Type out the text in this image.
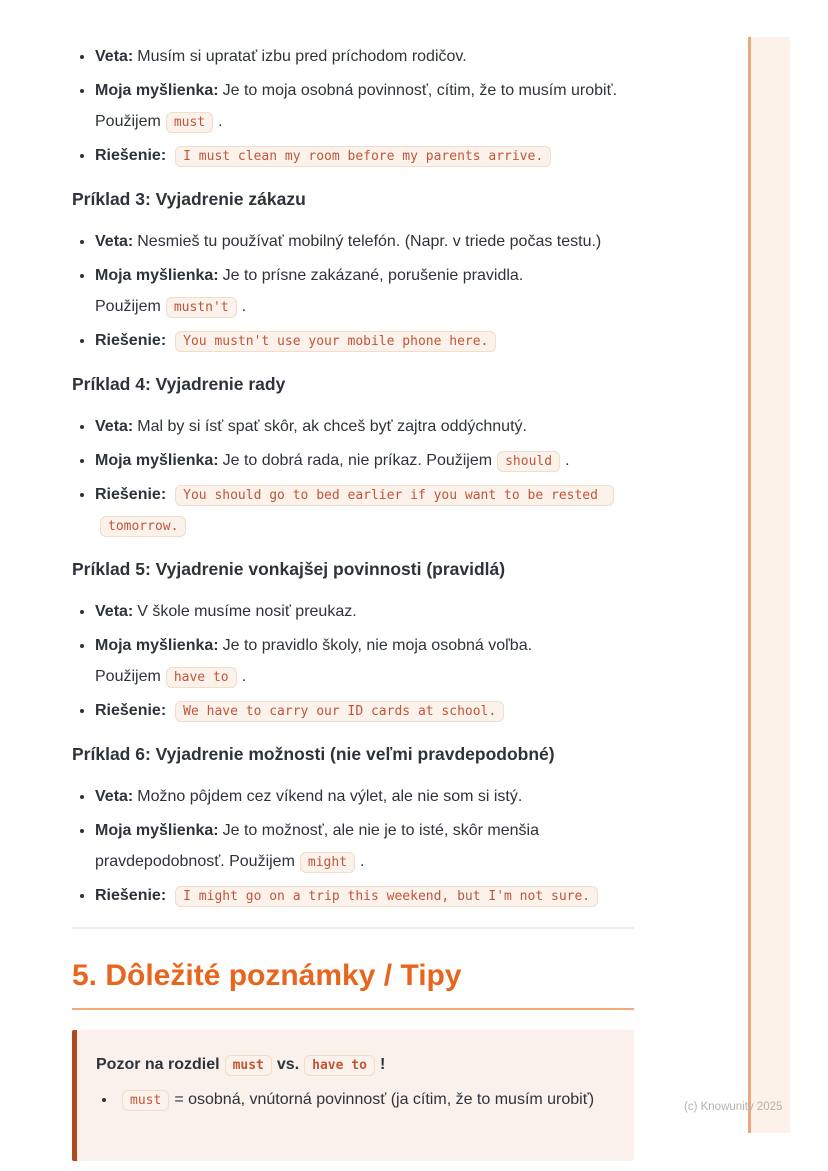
• Veta: Musím si upratať izbu pred príchodom rodičov.
• Moja myšlienka: Je to moja osobná povinnosť, cítim, že to musím urobiť. Použijem must .
• Riešenie: I must clean my room before my parents arrive.
Príklad 3: Vyjadrenie zákazu
• Veta: Nesmieš tu používať mobilný telefón. (Napr. v triede počas testu.)
• Moja myšlienka: Je to prísne zakázané, porušenie pravidla. Použijem mustn't .
• Riešenie: You mustn't use your mobile phone here.
Príklad 4: Vyjadrenie rady
• Veta: Mal by si ísť spať skôr, ak chceš byť zajtra oddýchnutý.
• Moja myšlienka: Je to dobrá rada, nie príkaz. Použijem should .
• Riešenie: You should go to bed earlier if you want to be rested tomorrow.
Príklad 5: Vyjadrenie vonkajšej povinnosti (pravidlá)
• Veta: V škole musíme nosiť preukaz.
• Moja myšlienka: Je to pravidlo školy, nie moja osobná voľba. Použijem have to .
• Riešenie: We have to carry our ID cards at school.
Príklad 6: Vyjadrenie možnosti (nie veľmi pravdepodobné)
• Veta: Možno pôjdem cez víkend na výlet, ale nie som si istý.
• Moja myšlienka: Je to možnosť, ale nie je to isté, skôr menšia pravdepodobnosť. Použijem might .
• Riešenie: I might go on a trip this weekend, but I'm not sure.
5. Dôležité poznámky / Tipy

Pozor na rozdiel must vs. have to !

• must = osobná, vnútorná povinnosť (ja cítim, že to musím urobiť)	(c) Knowunity 2025
